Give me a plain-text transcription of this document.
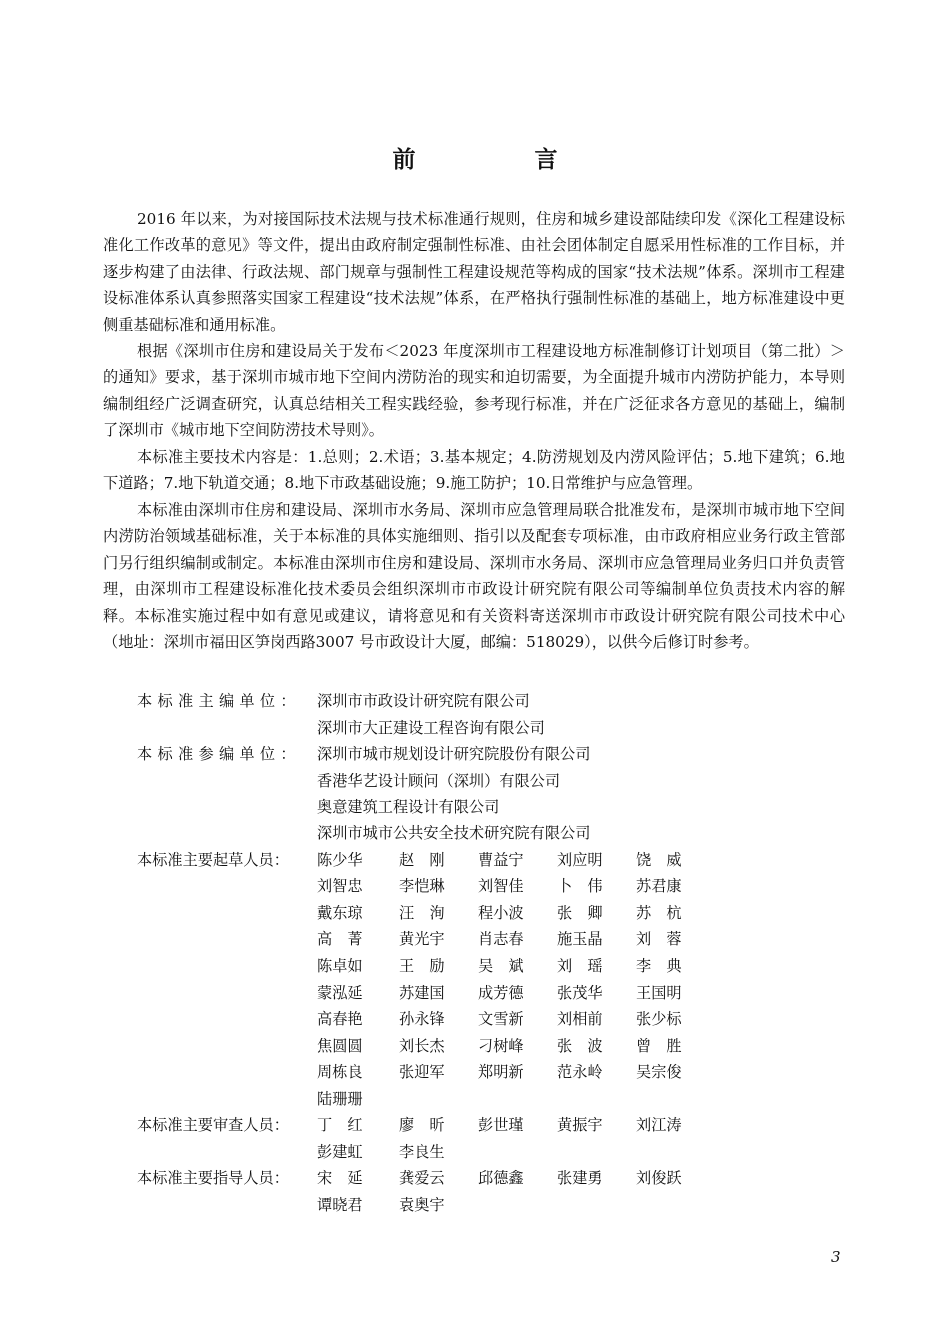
前　言

2016 年以来，为对接国际技术法规与技术标准通行规则，住房和城乡建设部陆续印发《深化工程建设标准化工作改革的意见》等文件，提出由政府制定强制性标准、由社会团体制定自愿采用性标准的工作目标，并逐步构建了由法律、行政法规、部门规章与强制性工程建设规范等构成的国家“技术法规”体系。深圳市工程建设标准体系认真参照落实国家工程建设“技术法规”体系，在严格执行强制性标准的基础上，地方标准建设中更侧重基础标准和通用标准。

根据《深圳市住房和建设局关于发布＜2023 年度深圳市工程建设地方标准制修订计划项目（第二批）＞的通知》要求，基于深圳市城市地下空间内涝防治的现实和迫切需要，为全面提升城市内涝防护能力，本导则编制组经广泛调查研究，认真总结相关工程实践经验，参考现行标准，并在广泛征求各方意见的基础上，编制了深圳市《城市地下空间防涝技术导则》。

本标准主要技术内容是：1.总则；2.术语；3.基本规定；4.防涝规划及内涝风险评估；5.地下建筑；6.地下道路；7.地下轨道交通；8.地下市政基础设施；9.施工防护；10.日常维护与应急管理。

本标准由深圳市住房和建设局、深圳市水务局、深圳市应急管理局联合批准发布，是深圳市城市地下空间内涝防治领域基础标准，关于本标准的具体实施细则、指引以及配套专项标准，由市政府相应业务行政主管部门另行组织编制或制定。本标准由深圳市住房和建设局、深圳市水务局、深圳市应急管理局业务归口并负责管理，由深圳市工程建设标准化技术委员会组织深圳市市政设计研究院有限公司等编制单位负责技术内容的解释。本标准实施过程中如有意见或建议，请将意见和有关资料寄送深圳市市政设计研究院有限公司技术中心（地址：深圳市福田区笋岗西路3007 号市政设计大厦，邮编：518029），以供今后修订时参考。

本标准主编单位：	深圳市市政设计研究院有限公司
深圳市大正建设工程咨询有限公司
本标准参编单位：	深圳市城市规划设计研究院股份有限公司
香港华艺设计顾问（深圳）有限公司
奥意建筑工程设计有限公司
深圳市城市公共安全技术研究院有限公司
本标准主要起草人员：	陈少华 赵　刚 曹益宁 刘应明 饶　威
刘智忠 李恺琳 刘智佳 卜　伟 苏君康
戴东琼 汪　洵 程小波 张　卿 苏　杭
高　菁 黄光宇 肖志春 施玉晶 刘　蓉
陈卓如 王　励 吴　斌 刘　瑶 李　典
蒙泓延 苏建国 成芳德 张茂华 王国明
高春艳 孙永锋 文雪新 刘相前 张少标
焦圆圆 刘长杰 刁树峰 张　波 曾　胜
周栋良 张迎军 郑明新 范永岭 吴宗俊
陆珊珊
本标准主要审查人员：	丁　红 廖　昕 彭世瑾 黄振宇 刘江涛
彭建虹 李良生
本标准主要指导人员：	宋　延 龚爱云 邱德鑫 张建勇 刘俊跃
谭晓君 袁奥宇
3
